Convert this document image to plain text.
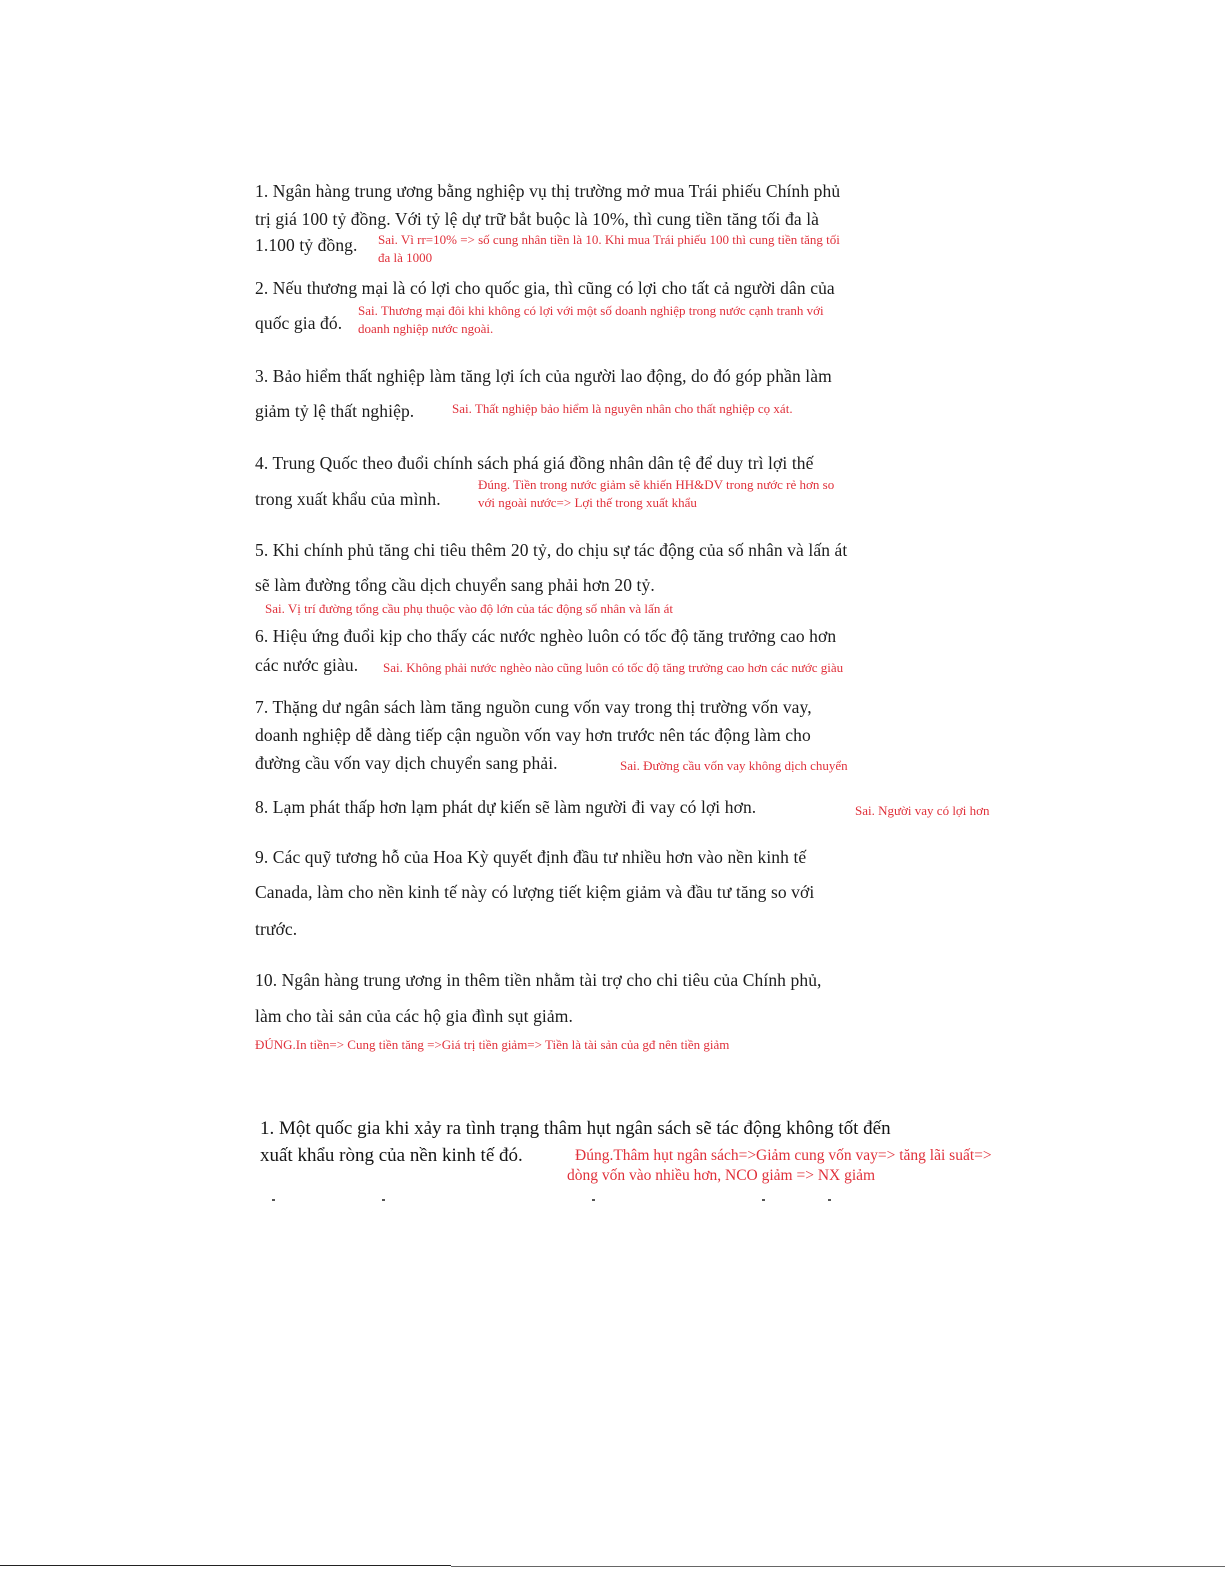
1. Ngân hàng trung ương bằng nghiệp vụ thị trường mở mua Trái phiếu Chính phủ
trị giá 100 tỷ đồng. Với tỷ lệ dự trữ bắt buộc là 10%, thì cung tiền tăng tối đa là
1.100 tỷ đồng. Sai. Vì rr=10% => số cung nhân tiền là 10. Khi mua Trái phiếu 100 thì cung tiền tăng tối
đa là 1000
2. Nếu thương mại là có lợi cho quốc gia, thì cũng có lợi cho tất cả người dân của
quốc gia đó.
Sai. Thương mại đôi khi không có lợi với một số doanh nghiệp trong nước cạnh tranh với
doanh nghiệp nước ngoài.
3. Bảo hiểm thất nghiệp làm tăng lợi ích của người lao động, do đó góp phần làm
giảm tỷ lệ thất nghiệp.	Sai. Thất nghiệp bảo hiểm là nguyên nhân cho thất nghiệp cọ xát.
4. Trung Quốc theo đuổi chính sách phá giá đồng nhân dân tệ để duy trì lợi thế
trong xuất khẩu của mình.
Đúng. Tiền trong nước giảm sẽ khiến HH&DV trong nước rẻ hơn so
với ngoài nước=> Lợi thế trong xuất khẩu
5. Khi chính phủ tăng chi tiêu thêm 20 tỷ, do chịu sự tác động của số nhân và lấn át
sẽ làm đường tổng cầu dịch chuyển sang phải hơn 20 tỷ.
Sai. Vị trí đường tổng cầu phụ thuộc vào độ lớn của tác động số nhân và lấn át
6. Hiệu ứng đuổi kịp cho thấy các nước nghèo luôn có tốc độ tăng trưởng cao hơn
các nước giàu. Sai. Không phải nước nghèo nào cũng luôn có tốc độ tăng trưởng cao hơn các nước giàu
7. Thặng dư ngân sách làm tăng nguồn cung vốn vay trong thị trường vốn vay,
doanh nghiệp dễ dàng tiếp cận nguồn vốn vay hơn trước nên tác động làm cho
đường cầu vốn vay dịch chuyển sang phải.	Sai. Đường cầu vốn vay không dịch chuyển
8. Lạm phát thấp hơn lạm phát dự kiến sẽ làm người đi vay có lợi hơn.	Sai. Người vay có lợi hơn
9. Các quỹ tương hỗ của Hoa Kỳ quyết định đầu tư nhiều hơn vào nền kinh tế
Canada, làm cho nền kinh tế này có lượng tiết kiệm giảm và đầu tư tăng so với
trước.
10. Ngân hàng trung ương in thêm tiền nhằm tài trợ cho chi tiêu của Chính phủ,
làm cho tài sản của các hộ gia đình sụt giảm.
ĐÚNG.In tiền=> Cung tiền tăng =>Giá trị tiền giảm=> Tiền là tài sản của gđ nên tiền giảm
1. Một quốc gia khi xảy ra tình trạng thâm hụt ngân sách sẽ tác động không tốt đến
xuất khẩu ròng của nền kinh tế đó.	Đúng.Thâm hụt ngân sách=>Giảm cung vốn vay=> tăng lãi suất=>
dòng vốn vào nhiều hơn, NCO giảm => NX giảm
